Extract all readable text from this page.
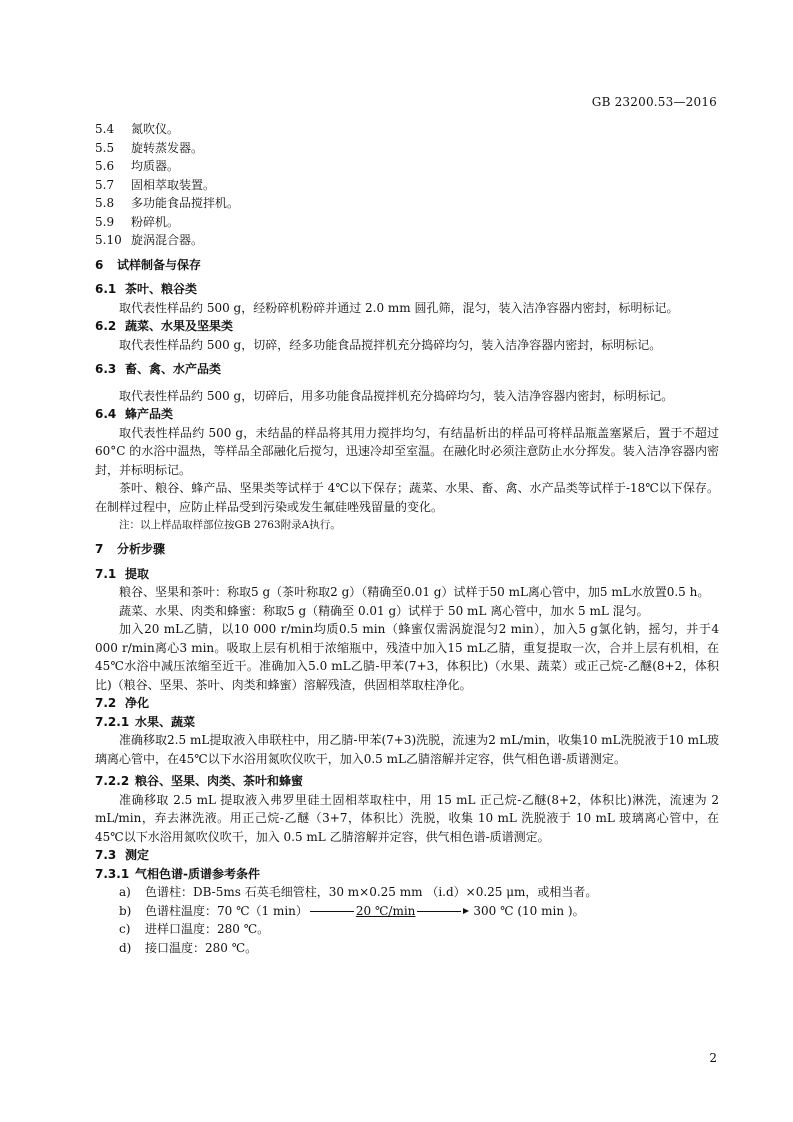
GB 23200.53—2016
5.4 氮吹仪。
5.5 旋转蒸发器。
5.6 均质器。
5.7 固相萃取装置。
5.8 多功能食品搅拌机。
5.9 粉碎机。
5.10 旋涡混合器。
6 试样制备与保存
6.1 茶叶、粮谷类
取代表性样品约 500 g，经粉碎机粉碎并通过 2.0 mm 圆孔筛，混匀，装入洁净容器内密封，标明标记。
6.2 蔬菜、水果及坚果类
取代表性样品约 500 g，切碎，经多功能食品搅拌机充分捣碎均匀，装入洁净容器内密封，标明标记。
6.3 畜、禽、水产品类
取代表性样品约 500 g，切碎后，用多功能食品搅拌机充分捣碎均匀，装入洁净容器内密封，标明标记。
6.4 蜂产品类
取代表性样品约 500 g，未结晶的样品将其用力搅拌均匀，有结晶析出的样品可将样品瓶盖塞紧后，置于不超过 60°C 的水浴中温热，等样品全部融化后搅匀，迅速冷却至室温。在融化时必须注意防止水分挥发。装入洁净容器内密封，并标明标记。
茶叶、粮谷、蜂产品、坚果类等试样于 4℃以下保存；蔬菜、水果、畜、禽、水产品类等试样于-18℃以下保存。在制样过程中，应防止样品受到污染或发生氟硅唑残留量的变化。
注：以上样品取样部位按GB 2763附录A执行。
7 分析步骤
7.1 提取
粮谷、坚果和茶叶：称取5 g（茶叶称取2 g）（精确至0.01 g）试样于50 mL离心管中，加5 mL水放置0.5 h。
蔬菜、水果、肉类和蜂蜜：称取5 g（精确至 0.01 g）试样于 50 mL 离心管中，加水 5 mL 混匀。
加入20 mL乙腈，以10 000 r/min均质0.5 min（蜂蜜仅需涡旋混匀2 min），加入5 g氯化钠，摇匀，并于4 000 r/min离心3 min。吸取上层有机相于浓缩瓶中，残渣中加入15 mL乙腈，重复提取一次，合并上层有机相，在45℃水浴中减压浓缩至近干。准确加入5.0 mL乙腈-甲苯(7+3，体积比)（水果、蔬菜）或正己烷-乙醚(8+2，体积比)（粮谷、坚果、茶叶、肉类和蜂蜜）溶解残渣，供固相萃取柱净化。
7.2 净化
7.2.1 水果、蔬菜
准确移取2.5 mL提取液入串联柱中，用乙腈-甲苯(7+3)洗脱，流速为2 mL/min，收集10 mL洗脱液于10 mL玻璃离心管中，在45℃以下水浴用氮吹仪吹干，加入0.5 mL乙腈溶解并定容，供气相色谱-质谱测定。
7.2.2 粮谷、坚果、肉类、茶叶和蜂蜜
准确移取 2.5 mL 提取液入弗罗里硅土固相萃取柱中，用 15 mL 正己烷-乙醚(8+2，体积比)淋洗，流速为 2 mL/min，弃去淋洗液。用正己烷-乙醚（3+7，体积比）洗脱，收集 10 mL 洗脱液于 10 mL 玻璃离心管中，在 45℃以下水浴用氮吹仪吹干，加入 0.5 mL 乙腈溶解并定容，供气相色谱-质谱测定。
7.3 测定
7.3.1 气相色谱-质谱参考条件
a) 色谱柱：DB-5ms 石英毛细管柱，30 m×0.25 mm （i.d）×0.25 μm，或相当者。
b) 色谱柱温度：70 ℃（1 min）	20 ℃/min	300 ℃ (10 min )。
c) 进样口温度：280 ℃。
d) 接口温度：280 ℃。
2
